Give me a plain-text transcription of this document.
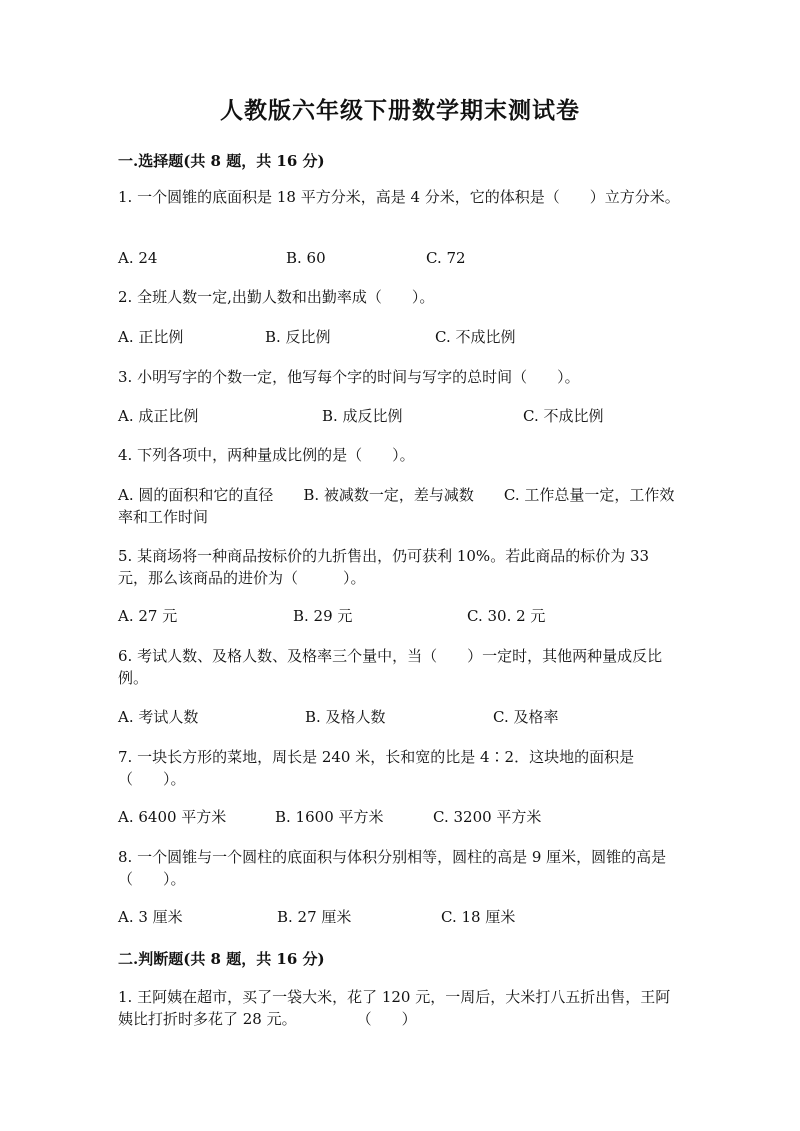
人教版六年级下册数学期末测试卷
一.选择题(共 8 题，共 16 分)
1. 一个圆锥的底面积是 18 平方分米，高是 4 分米，它的体积是（　　）立方分米。
A. 24	B. 60	C. 72
2. 全班人数一定,出勤人数和出勤率成（　　）。
A. 正比例	B. 反比例	C. 不成比例
3. 小明写字的个数一定，他写每个字的时间与写字的总时间（　　）。
A. 成正比例	B. 成反比例	C. 不成比例
4. 下列各项中，两种量成比例的是（　　）。
A. 圆的面积和它的直径　　B. 被减数一定，差与减数　　C. 工作总量一定，工作效率和工作时间
5. 某商场将一种商品按标价的九折售出，仍可获利 10%。若此商品的标价为 33 元，那么该商品的进价为（　　　）。
A. 27 元	B. 29 元	C. 30. 2 元
6. 考试人数、及格人数、及格率三个量中，当（　　）一定时，其他两种量成反比例。
A. 考试人数	B. 及格人数	C. 及格率
7. 一块长方形的菜地，周长是 240 米，长和宽的比是 4∶2．这块地的面积是（　　）。
A. 6400 平方米	B. 1600 平方米	C. 3200 平方米
8. 一个圆锥与一个圆柱的底面积与体积分别相等，圆柱的高是 9 厘米，圆锥的高是（　　）。
A. 3 厘米	B. 27 厘米	C. 18 厘米
二.判断题(共 8 题，共 16 分)
1. 王阿姨在超市，买了一袋大米，花了 120 元，一周后，大米打八五折出售，王阿姨比打折时多花了 28 元。	（　　）
